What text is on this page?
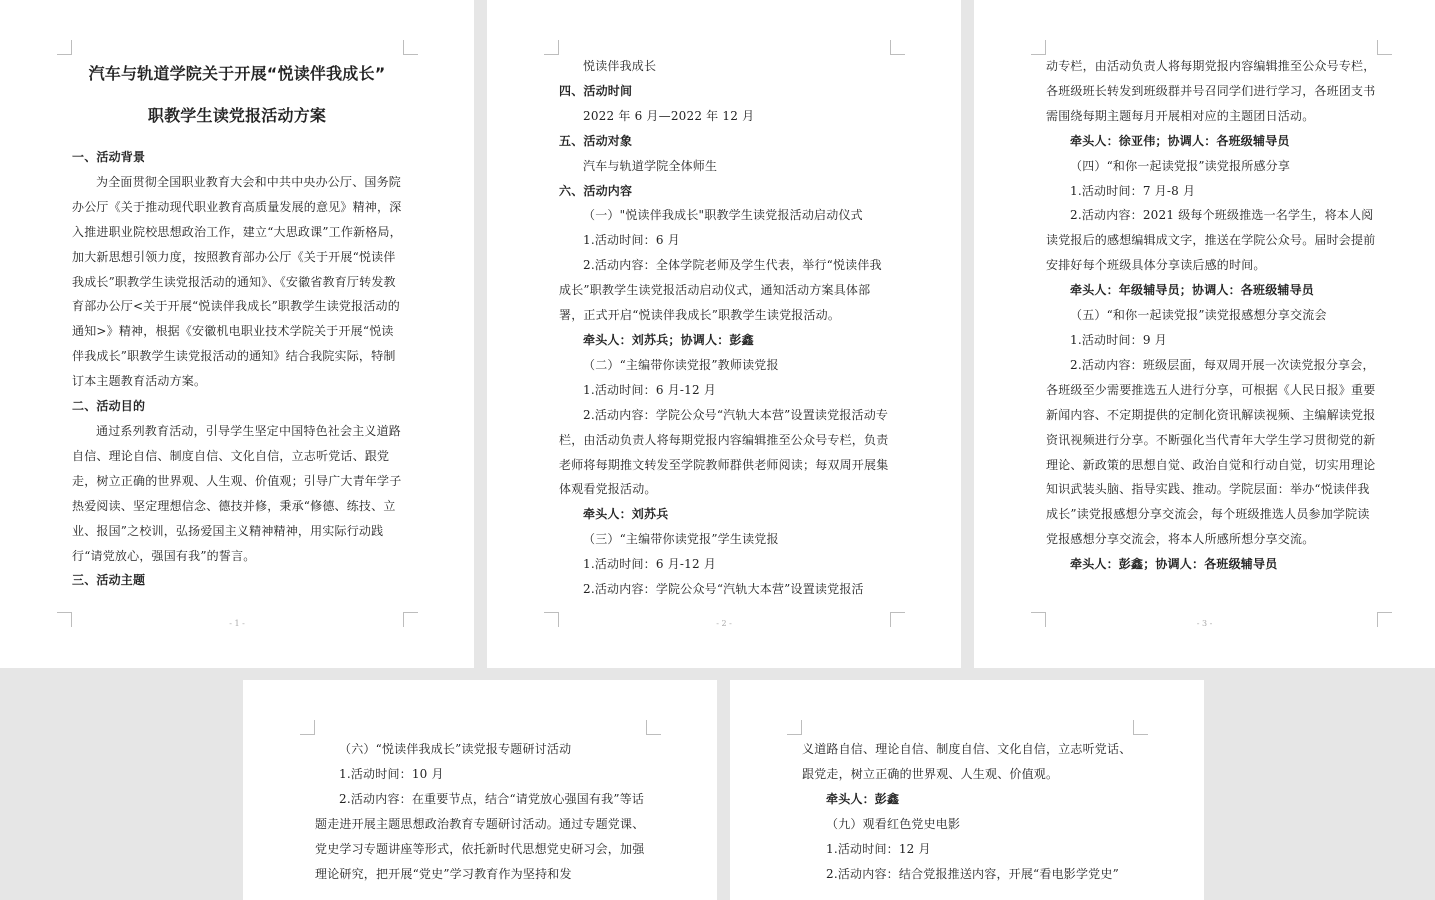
汽车与轨道学院关于开展“悦读伴我成长”

职教学生读党报活动方案

一、活动背景

为全面贯彻全国职业教育大会和中共中央办公厅、国务院办公厅《关于推动现代职业教育高质量发展的意见》精神，深入推进职业院校思想政治工作，建立“大思政课”工作新格局，加大新思想引领力度，按照教育部办公厅《关于开展“悦读伴我成长”职教学生读党报活动的通知》、《安徽省教育厅转发教育部办公厅<关于开展“悦读伴我成长”职教学生读党报活动的通知>》精神，根据《安徽机电职业技术学院关于开展“悦读伴我成长”职教学生读党报活动的通知》结合我院实际，特制订本主题教育活动方案。

二、活动目的

通过系列教育活动，引导学生坚定中国特色社会主义道路自信、理论自信、制度自信、文化自信，立志听党话、跟党走，树立正确的世界观、人生观、价值观；引导广大青年学子热爱阅读、坚定理想信念、德技并修，秉承“修德、练技、立业、报国”之校训，弘扬爱国主义精神精神，用实际行动践行“请党放心，强国有我”的誓言。

三、活动主题

- 1 -

悦读伴我成长

四、活动时间

2022 年 6 月—2022 年 12 月

五、活动对象

汽车与轨道学院全体师生

六、活动内容

（一）"悦读伴我成长"职教学生读党报活动启动仪式

1.活动时间：6 月

2.活动内容：全体学院老师及学生代表，举行“悦读伴我成长”职教学生读党报活动启动仪式，通知活动方案具体部署，正式开启“悦读伴我成长”职教学生读党报活动。

牵头人：刘苏兵；协调人：彭鑫

（二）“主编带你读党报”教师读党报

1.活动时间：6 月-12 月

2.活动内容：学院公众号“汽轨大本营”设置读党报活动专栏，由活动负责人将每期党报内容编辑推至公众号专栏，负责老师将每期推文转发至学院教师群供老师阅读；每双周开展集体观看党报活动。

牵头人：刘苏兵

（三）“主编带你读党报”学生读党报

1.活动时间：6 月-12 月

2.活动内容：学院公众号“汽轨大本营”设置读党报活

- 2 -

动专栏，由活动负责人将每期党报内容编辑推至公众号专栏，各班级班长转发到班级群并号召同学们进行学习，各班团支书需围绕每期主题每月开展相对应的主题团日活动。

牵头人：徐亚伟；协调人：各班级辅导员

（四）“和你一起读党报”读党报所感分享

1.活动时间：7 月-8 月

2.活动内容：2021 级每个班级推选一名学生，将本人阅读党报后的感想编辑成文字，推送在学院公众号。届时会提前安排好每个班级具体分享读后感的时间。

牵头人：年级辅导员；协调人：各班级辅导员

（五）“和你一起读党报”读党报感想分享交流会

1.活动时间：9 月

2.活动内容：班级层面，每双周开展一次读党报分享会，各班级至少需要推选五人进行分享，可根据《人民日报》重要新闻内容、不定期提供的定制化资讯解读视频、主编解读党报资讯视频进行分享。不断强化当代青年大学生学习贯彻党的新理论、新政策的思想自觉、政治自觉和行动自觉，切实用理论知识武装头脑、指导实践、推动。学院层面：举办“悦读伴我成长”读党报感想分享交流会，每个班级推选人员参加学院读党报感想分享交流会，将本人所感所想分享交流。

牵头人：彭鑫；协调人：各班级辅导员

- 3 -

（六）“悦读伴我成长”读党报专题研讨活动

1.活动时间：10 月

2.活动内容：在重要节点，结合“请党放心强国有我”等话题走进开展主题思想政治教育专题研讨活动。通过专题党课、党史学习专题讲座等形式，依托新时代思想党史研习会，加强理论研究，把开展“党史”学习教育作为坚持和发

义道路自信、理论自信、制度自信、文化自信，立志听党话、跟党走，树立正确的世界观、人生观、价值观。

牵头人：彭鑫

（九）观看红色党史电影

1.活动时间：12 月

2.活动内容：结合党报推送内容，开展“看电影学党史”
